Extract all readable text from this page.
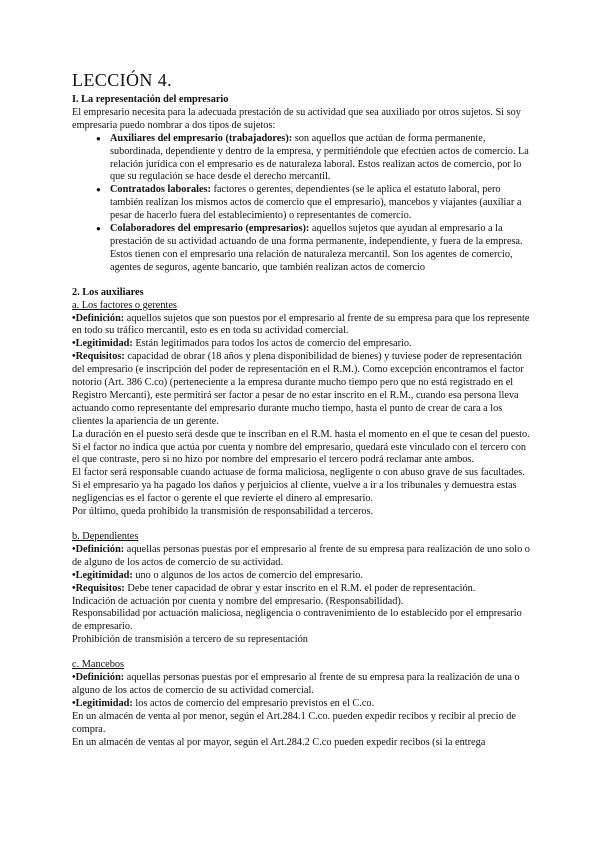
LECCIÓN 4.
I. La representación del empresario

El empresario necesita para la adecuada prestación de su actividad que sea auxiliado por otros sujetos. Si soy empresaria puedo nombrar a dos tipos de sujetos:

● Auxiliares del empresario (trabajadores): son aquellos que actúan de forma permanente, subordinada, dependiente y dentro de la empresa, y permitiéndole que efectúen actos de comercio. La relación jurídica con el empresario es de naturaleza laboral. Estos realizan actos de comercio, por lo que su regulación se hace desde el derecho mercantil.
● Contratados laborales: factores o gerentes, dependientes (se le aplica el estatuto laboral, pero también realizan los mismos actos de comercio que el empresario), mancebos y viajantes (auxiliar a pesar de hacerlo fuera del establecimiento) o representantes de comercio.
● Colaboradores del empresario (empresarios): aquellos sujetos que ayudan al empresario a la prestación de su actividad actuando de una forma permanente, independiente, y fuera de la empresa. Estos tienen con el empresario una relación de naturaleza mercantil. Son los agentes de comercio, agentes de seguros, agente bancario, que también realizan actos de comercio
2. Los auxiliares

a. Los factores o gerentes

•Definición: aquellos sujetos que son puestos por el empresario al frente de su empresa para que los represente en todo su tráfico mercantil, esto es en toda su actividad comercial.

•Legitimidad: Están legitimados para todos los actos de comercio del empresario.

•Requisitos: capacidad de obrar (18 años y plena disponibilidad de bienes) y tuviese poder de representación del empresario (e inscripción del poder de representación en el R.M.). Como excepción encontramos el factor notorio (Art. 386 C.co) (perteneciente a la empresa durante mucho tiempo pero que no está registrado en el Registro Mercanti), este permitirá ser factor a pesar de no estar inscrito en el R.M., cuando esa persona lleva actuando como representante del empresario durante mucho tiempo, hasta el punto de crear de cara a los clientes la apariencia de un gerente.

La duración en el puesto será desde que te inscriban en el R.M. hasta el momento en el que te cesan del puesto.

Si el factor no indica que actúa por cuenta y nombre del empresario, quedará este vinculado con el tercero con el que contraste, pero si no hizo por nombre del empresario el tercero podrá reclamar ante ambos.

El factor será responsable cuando actuase de forma maliciosa, negligente o con abuso grave de sus facultades. Si el empresario ya ha pagado los daños y perjuicios al cliente, vuelve a ir a los tribunales y demuestra estas negligencias es el factor o gerente el que revierte el dinero al empresario.

Por último, queda prohibido la transmisión de responsabilidad a terceros.

b. Dependientes

•Definición: aquellas personas puestas por el empresario al frente de su empresa para realización de uno solo o de alguno de los actos de comercio de su actividad.

•Legitimidad: uno o algunos de los actos de comercio del empresario.

•Requisitos: Debe tener capacidad de obrar y estar inscrito en el R.M. el poder de representación.

Indicación de actuación por cuenta y nombre del empresario. (Responsabilidad).

Responsabilidad por actuación maliciosa, negligencia o contravenimiento de lo establecido por el empresario de empresario.

Prohibición de transmisión a tercero de su representación

c. Mancebos

•Definición: aquellas personas puestas por el empresario al frente de su empresa para la realización de una o alguno de los actos de comercio de su actividad comercial.

•Legitimidad: los actos de comercio del empresario previstos en el C.co.

En un almacén de venta al por menor, según el Art.284.1 C.co. pueden expedir recibos y recibir al precio de compra.

En un almacén de ventas al por mayor, según el Art.284.2 C.co pueden expedir recibos (si la entrega
